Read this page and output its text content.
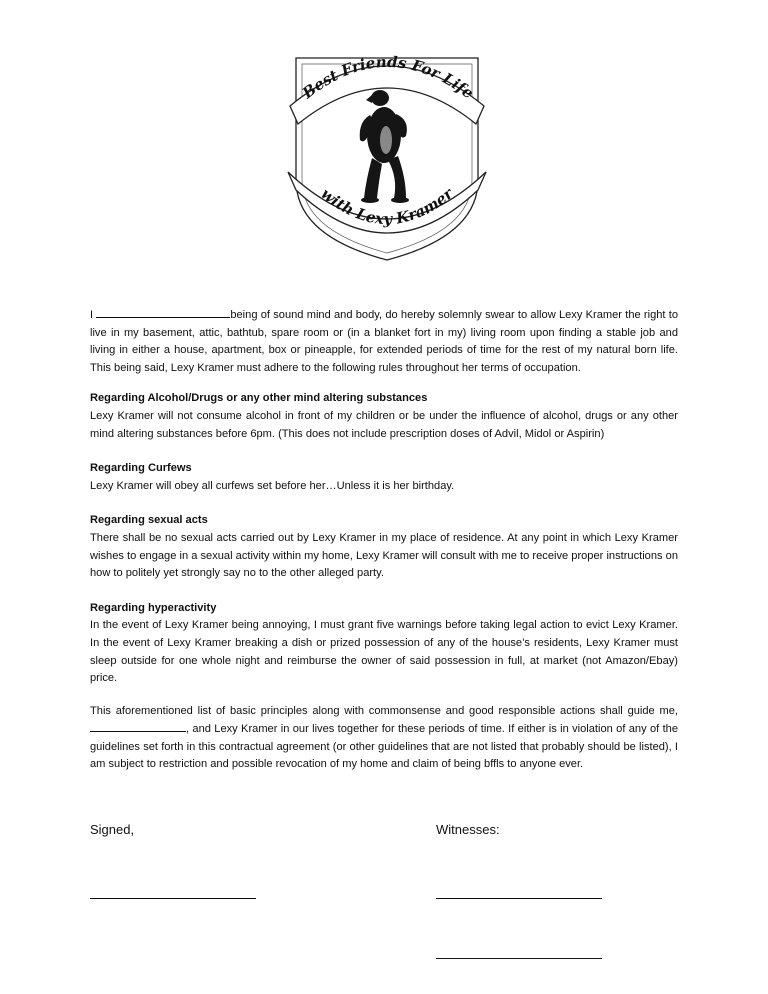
Best Friends For Life
with Lexy Kramer

I	being of sound mind and body, do hereby solemnly swear to allow Lexy Kramer the right to live in my basement, attic, bathtub, spare room or (in a blanket fort in my) living room upon finding a stable job and living in either a house, apartment, box or pineapple, for extended periods of time for the rest of my natural born life. This being said, Lexy Kramer must adhere to the following rules throughout her terms of occupation.

Regarding Alcohol/Drugs or any other mind altering substances

Lexy Kramer will not consume alcohol in front of my children or be under the influence of alcohol, drugs or any other mind altering substances before 6pm. (This does not include prescription doses of Advil, Midol or Aspirin)

Regarding Curfews

Lexy Kramer will obey all curfews set before her…Unless it is her birthday.

Regarding sexual acts

There shall be no sexual acts carried out by Lexy Kramer in my place of residence. At any point in which Lexy Kramer wishes to engage in a sexual activity within my home, Lexy Kramer will consult with me to receive proper instructions on how to politely yet strongly say no to the other alleged party.

Regarding hyperactivity

In the event of Lexy Kramer being annoying, I must grant five warnings before taking legal action to evict Lexy Kramer. In the event of Lexy Kramer breaking a dish or prized possession of any of the house’s residents, Lexy Kramer must sleep outside for one whole night and reimburse the owner of said possession in full, at market (not Amazon/Ebay) price.

This aforementioned list of basic principles along with commonsense and good responsible actions shall guide me, , and Lexy Kramer in our lives together for these periods of time. If either is in violation of any of the guidelines set forth in this contractual agreement (or other guidelines that are not listed that probably should be listed), I am subject to restriction and possible revocation of my home and claim of being bffls to anyone ever.

Signed,	Witnesses:
